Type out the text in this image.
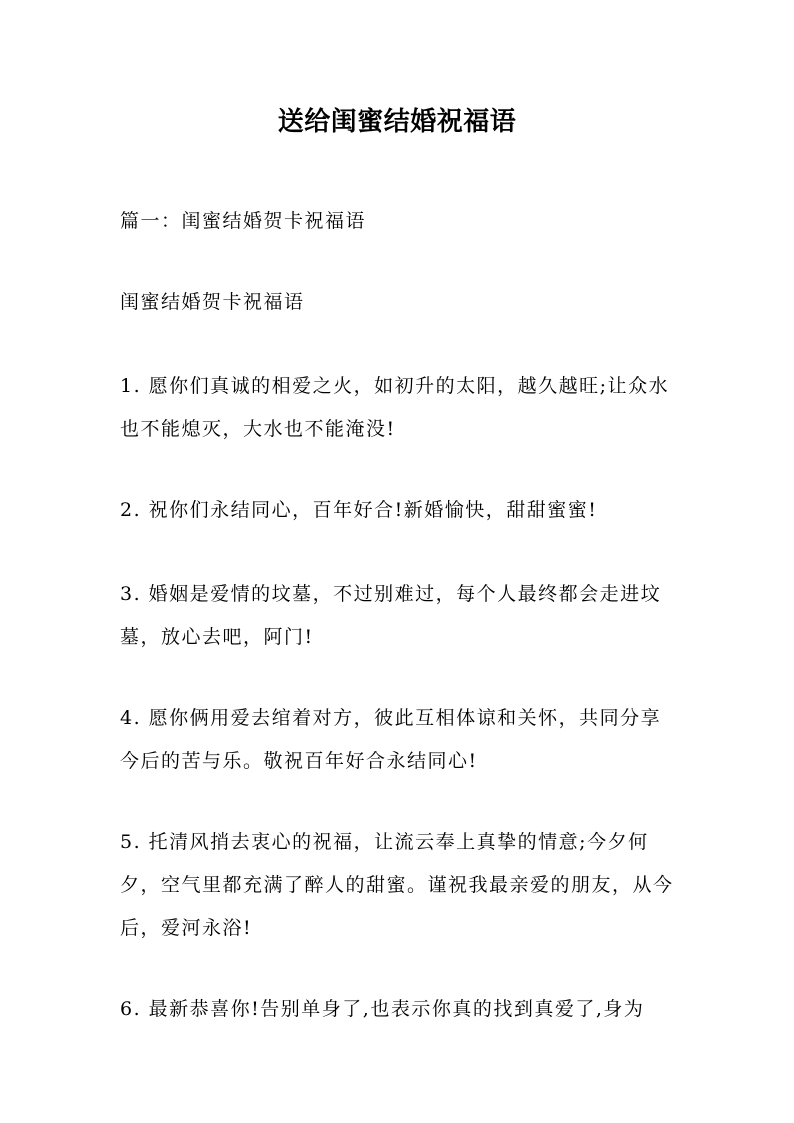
送给闺蜜结婚祝福语
篇一：闺蜜结婚贺卡祝福语
闺蜜结婚贺卡祝福语
1. 愿你们真诚的相爱之火，如初升的太阳，越久越旺;让众水也不能熄灭，大水也不能淹没!
2. 祝你们永结同心，百年好合!新婚愉快，甜甜蜜蜜!
3. 婚姻是爱情的坟墓，不过别难过，每个人最终都会走进坟墓，放心去吧，阿门!
4. 愿你俩用爱去绾着对方，彼此互相体谅和关怀，共同分享今后的苦与乐。敬祝百年好合永结同心!
5. 托清风捎去衷心的祝福，让流云奉上真挚的情意;今夕何夕，空气里都充满了醉人的甜蜜。谨祝我最亲爱的朋友，从今后，爱河永浴!
6. 最新恭喜你!告别单身了,也表示你真的找到真爱了,身为
